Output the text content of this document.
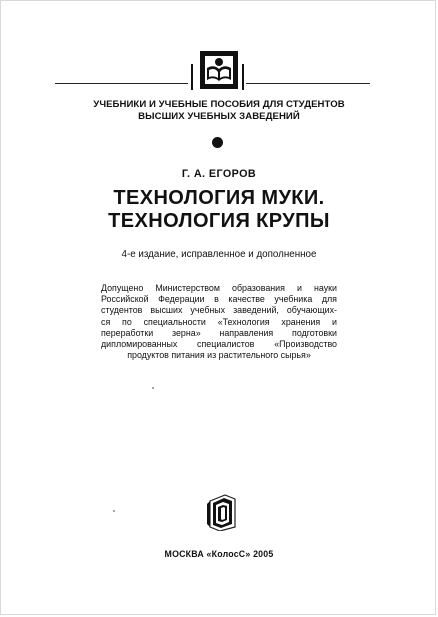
УЧЕБНИКИ И УЧЕБНЫЕ ПОСОБИЯ ДЛЯ СТУДЕНТОВ
ВЫСШИХ УЧЕБНЫХ ЗАВЕДЕНИЙ
Г. А. ЕГОРОВ
ТЕХНОЛОГИЯ МУКИ.
ТЕХНОЛОГИЯ КРУПЫ
4-е издание, исправленное и дополненное
Допущено Министерством образования и науки
Российской Федерации в качестве учебника для
студентов высших учебных заведений, обучающих-
ся по специальности «Технология хранения и
переработки зерна» направления подготовки
дипломированных специалистов «Производство
продуктов питания из растительного сырья»
МОСКВА «КолосС» 2005
